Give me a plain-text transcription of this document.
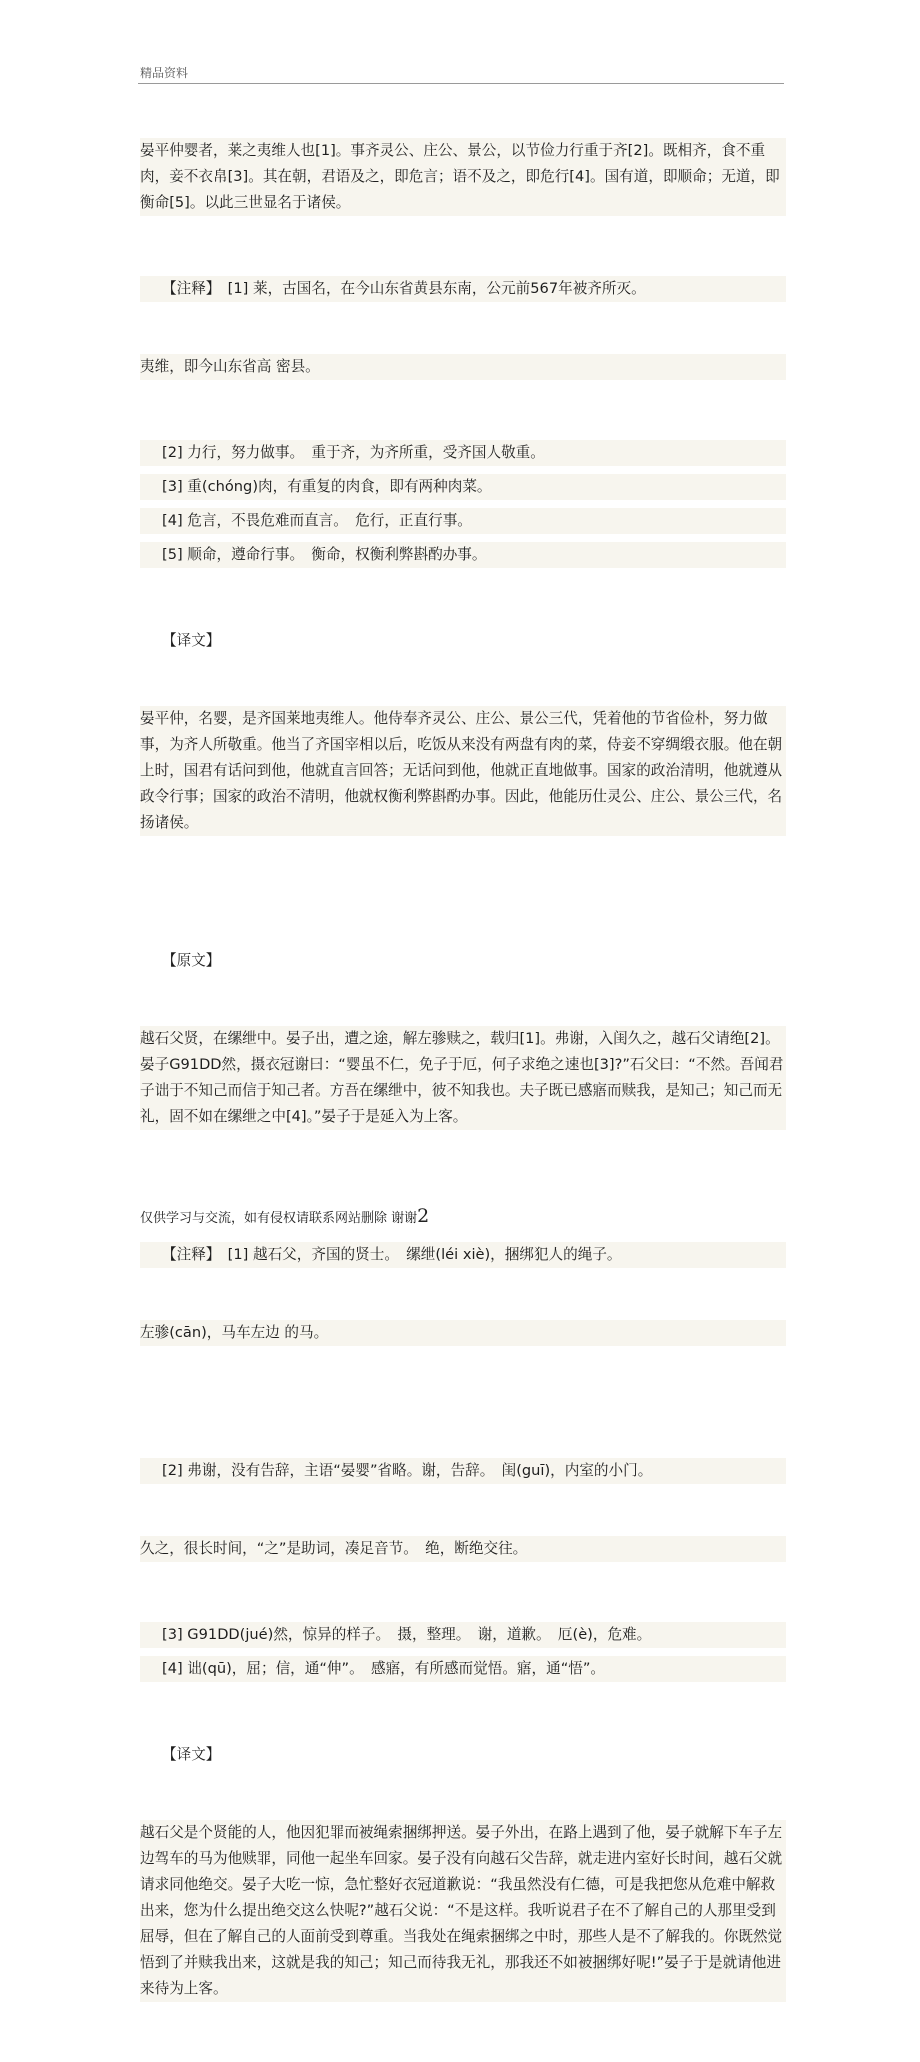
精品资料
晏平仲婴者，莱之夷维人也[1]。事齐灵公、庄公、景公，以节俭力行重于齐[2]。既相齐，食不重肉，妾不衣帛[3]。其在朝，君语及之，即危言；语不及之，即危行[4]。国有道，即顺命；无道，即衡命[5]。以此三世显名于诸侯。

【注释】　[1] 莱，古国名，在今山东省黄县东南，公元前567年被齐所灭。

夷维，即今山东省高 密县。

[2] 力行，努力做事。　重于齐，为齐所重，受齐国人敬重。
[3] 重(chóng)肉，有重复的肉食，即有两种肉菜。
[4] 危言，不畏危难而直言。　危行，正直行事。
[5] 顺命，遵命行事。　衡命，权衡利弊斟酌办事。

【译文】

晏平仲，名婴，是齐国莱地夷维人。他侍奉齐灵公、庄公、景公三代，凭着他的节省俭朴，努力做事，为齐人所敬重。他当了齐国宰相以后，吃饭从来没有两盘有肉的菜，侍妾不穿绸缎衣服。他在朝上时，国君有话问到他，他就直言回答；无话问到他，他就正直地做事。国家的政治清明，他就遵从政令行事；国家的政治不清明，他就权衡利弊斟酌办事。因此，他能历仕灵公、庄公、景公三代，名扬诸侯。

【原文】

越石父贤，在缧绁中。晏子出，遭之途，解左骖赎之，载归[1]。弗谢，入闺久之，越石父请绝[2]。晏子G91DD然，摄衣冠谢曰：“婴虽不仁，免子于厄，何子求绝之速也[3]?”石父曰：“不然。吾闻君子诎于不知己而信于知己者。方吾在缧绁中，彼不知我也。夫子既已感寤而赎我，是知己；知己而无礼，固不如在缧绁之中[4]。”晏子于是延入为上客。

【注释】　[1] 越石父，齐国的贤士。　缧绁(léi xiè)，捆绑犯人的绳子。

左骖(cān)，马车左边 的马。

[2] 弗谢，没有告辞，主语“晏婴”省略。谢，告辞。　闺(guī)，内室的小门。

久之，很长时间，“之”是助词，凑足音节。　绝，断绝交往。

[3] G91DD(jué)然，惊异的样子。　摄，整理。　谢，道歉。　厄(è)，危难。
[4] 诎(qū)，屈；信，通“伸”。　感寤，有所感而觉悟。寤，通“悟”。

【译文】

越石父是个贤能的人，他因犯罪而被绳索捆绑押送。晏子外出，在路上遇到了他，晏子就解下车子左边驾车的马为他赎罪，同他一起坐车回家。晏子没有向越石父告辞，就走进内室好长时间，越石父就请求同他绝交。晏子大吃一惊，急忙整好衣冠道歉说：“我虽然没有仁德，可是我把您从危难中解救出来，您为什么提出绝交这么快呢?”越石父说：“不是这样。我听说君子在不了解自己的人那里受到屈辱，但在了解自己的人面前受到尊重。当我处在绳索捆绑之中时，那些人是不了解我的。你既然觉悟到了并赎我出来，这就是我的知己；知己而待我无礼，那我还不如被捆绑好呢!”晏子于是就请他进来待为上客。

仅供学习与交流，如有侵权请联系网站删除 谢谢2
